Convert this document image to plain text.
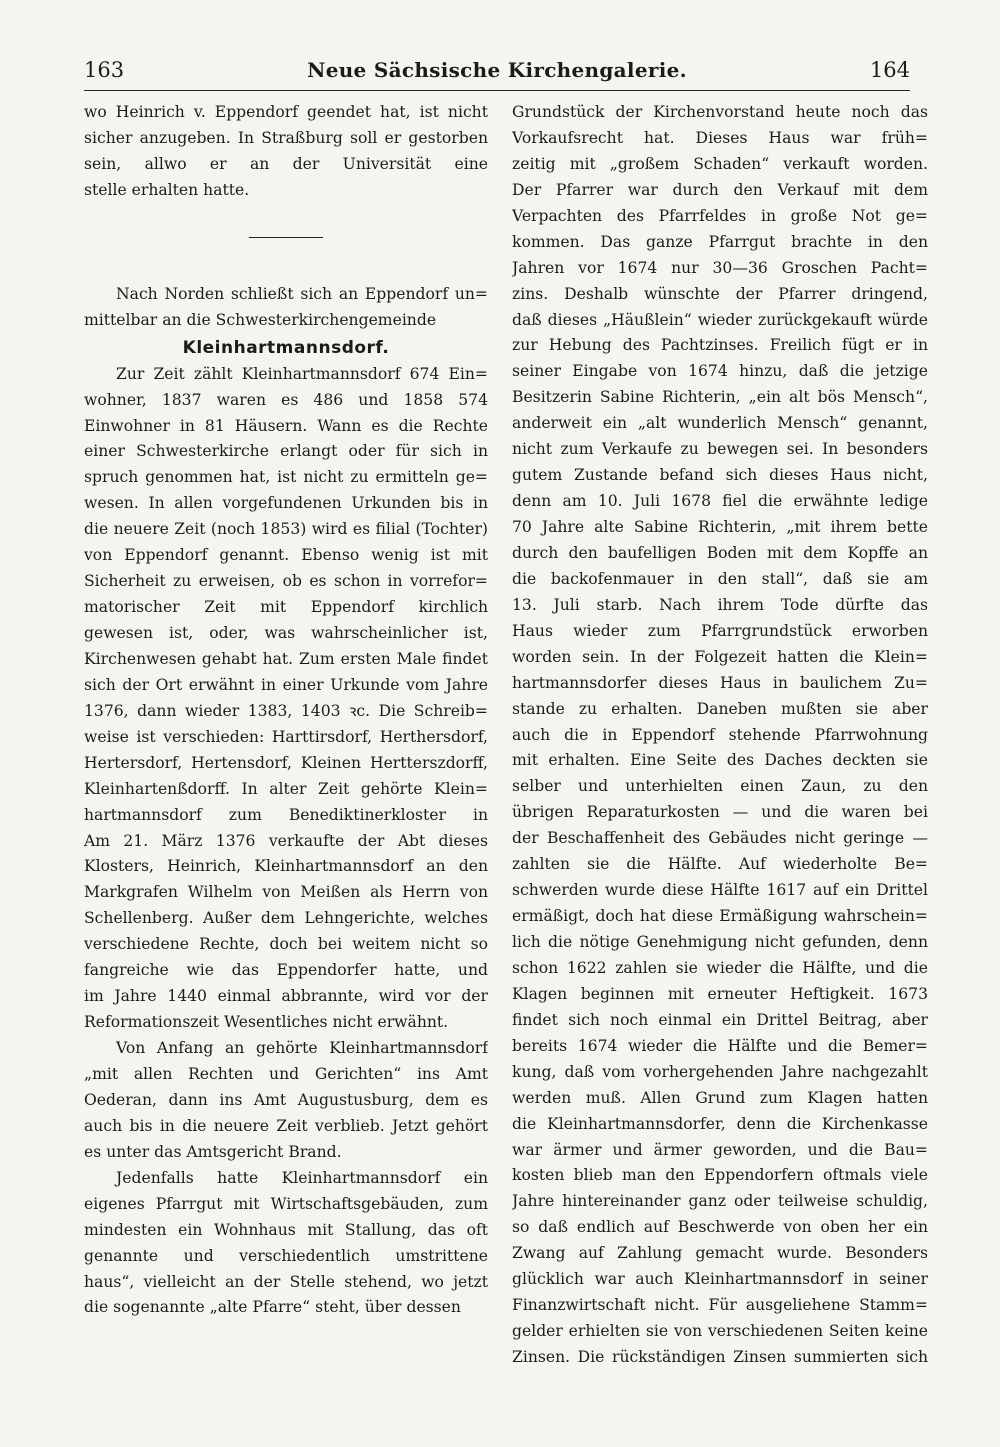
163	Neue Sächsische Kirchengalerie.	164
wo Heinrich v. Eppendorf geendet hat, ist nicht
sicher anzugeben. In Straßburg soll er gestorben
sein, allwo er an der Universität eine
stelle erhalten hatte.
Nach Norden schließt sich an Eppendorf un=
mittelbar an die Schwesterkirchengemeinde
Kleinhartmannsdorf.
Zur Zeit zählt Kleinhartmannsdorf 674 Ein=
wohner, 1837 waren es 486 und 1858 574
Einwohner in 81 Häusern. Wann es die Rechte
einer Schwesterkirche erlangt oder für sich in
spruch genommen hat, ist nicht zu ermitteln ge=
wesen. In allen vorgefundenen Urkunden bis in
die neuere Zeit (noch 1853) wird es filial (Tochter)
von Eppendorf genannt. Ebenso wenig ist mit
Sicherheit zu erweisen, ob es schon in vorrefor=
matorischer Zeit mit Eppendorf kirchlich
gewesen ist, oder, was wahrscheinlicher ist,
Kirchenwesen gehabt hat. Zum ersten Male findet
sich der Ort erwähnt in einer Urkunde vom Jahre
1376, dann wieder 1383, 1403 ꝛc. Die Schreib=
weise ist verschieden: Harttirsdorf, Herthersdorf,
Hertersdorf, Hertensdorf, Kleinen Hertterszdorff,
Kleinhartenßdorff. In alter Zeit gehörte Klein=
hartmannsdorf zum Benediktinerkloster in
Am 21. März 1376 verkaufte der Abt dieses
Klosters, Heinrich, Kleinhartmannsdorf an den
Markgrafen Wilhelm von Meißen als Herrn von
Schellenberg. Außer dem Lehngerichte, welches
verschiedene Rechte, doch bei weitem nicht so
fangreiche wie das Eppendorfer hatte, und
im Jahre 1440 einmal abbrannte, wird vor der
Reformationszeit Wesentliches nicht erwähnt.
Von Anfang an gehörte Kleinhartmannsdorf
„mit allen Rechten und Gerichten“ ins Amt
Oederan, dann ins Amt Augustusburg, dem es
auch bis in die neuere Zeit verblieb. Jetzt gehört
es unter das Amtsgericht Brand.
Jedenfalls hatte Kleinhartmannsdorf ein
eigenes Pfarrgut mit Wirtschaftsgebäuden, zum
mindesten ein Wohnhaus mit Stallung, das oft
genannte und verschiedentlich umstrittene
haus“, vielleicht an der Stelle stehend, wo jetzt
die sogenannte „alte Pfarre“ steht, über dessen
Grundstück der Kirchenvorstand heute noch das
Vorkaufsrecht hat. Dieses Haus war früh=
zeitig mit „großem Schaden“ verkauft worden.
Der Pfarrer war durch den Verkauf mit dem
Verpachten des Pfarrfeldes in große Not ge=
kommen. Das ganze Pfarrgut brachte in den
Jahren vor 1674 nur 30—36 Groschen Pacht=
zins. Deshalb wünschte der Pfarrer dringend,
daß dieses „Häußlein“ wieder zurückgekauft würde
zur Hebung des Pachtzinses. Freilich fügt er in
seiner Eingabe von 1674 hinzu, daß die jetzige
Besitzerin Sabine Richterin, „ein alt bös Mensch“,
anderweit ein „alt wunderlich Mensch“ genannt,
nicht zum Verkaufe zu bewegen sei. In besonders
gutem Zustande befand sich dieses Haus nicht,
denn am 10. Juli 1678 fiel die erwähnte ledige
70 Jahre alte Sabine Richterin, „mit ihrem bette
durch den baufelligen Boden mit dem Kopffe an
die backofenmauer in den stall“, daß sie am
13. Juli starb. Nach ihrem Tode dürfte das
Haus wieder zum Pfarrgrundstück erworben
worden sein. In der Folgezeit hatten die Klein=
hartmannsdorfer dieses Haus in baulichem Zu=
stande zu erhalten. Daneben mußten sie aber
auch die in Eppendorf stehende Pfarrwohnung
mit erhalten. Eine Seite des Daches deckten sie
selber und unterhielten einen Zaun, zu den
übrigen Reparaturkosten — und die waren bei
der Beschaffenheit des Gebäudes nicht geringe —
zahlten sie die Hälfte. Auf wiederholte Be=
schwerden wurde diese Hälfte 1617 auf ein Drittel
ermäßigt, doch hat diese Ermäßigung wahrschein=
lich die nötige Genehmigung nicht gefunden, denn
schon 1622 zahlen sie wieder die Hälfte, und die
Klagen beginnen mit erneuter Heftigkeit. 1673
findet sich noch einmal ein Drittel Beitrag, aber
bereits 1674 wieder die Hälfte und die Bemer=
kung, daß vom vorhergehenden Jahre nachgezahlt
werden muß. Allen Grund zum Klagen hatten
die Kleinhartmannsdorfer, denn die Kirchenkasse
war ärmer und ärmer geworden, und die Bau=
kosten blieb man den Eppendorfern oftmals viele
Jahre hintereinander ganz oder teilweise schuldig,
so daß endlich auf Beschwerde von oben her ein
Zwang auf Zahlung gemacht wurde. Besonders
glücklich war auch Kleinhartmannsdorf in seiner
Finanzwirtschaft nicht. Für ausgeliehene Stamm=
gelder erhielten sie von verschiedenen Seiten keine
Zinsen. Die rückständigen Zinsen summierten sich
